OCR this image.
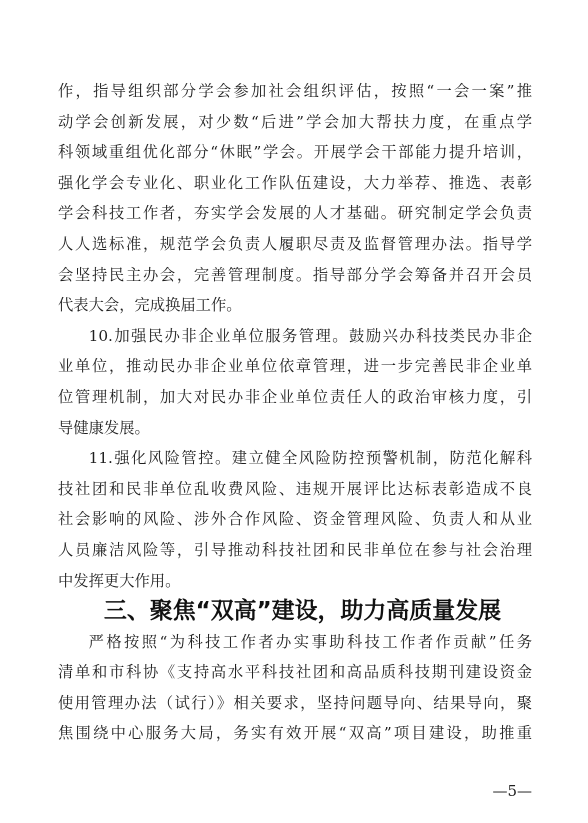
作，指导组织部分学会参加社会组织评估，按照“一会一案”推

动学会创新发展，对少数“后进”学会加大帮扶力度，在重点学

科领域重组优化部分“休眠”学会。开展学会干部能力提升培训，

强化学会专业化、职业化工作队伍建设，大力举荐、推选、表彰

学会科技工作者，夯实学会发展的人才基础。研究制定学会负责

人人选标准，规范学会负责人履职尽责及监督管理办法。指导学

会坚持民主办会，完善管理制度。指导部分学会筹备并召开会员

代表大会，完成换届工作。

10.加强民办非企业单位服务管理。鼓励兴办科技类民办非企

业单位，推动民办非企业单位依章管理，进一步完善民非企业单

位管理机制，加大对民办非企业单位责任人的政治审核力度，引

导健康发展。

11.强化风险管控。建立健全风险防控预警机制，防范化解科

技社团和民非单位乱收费风险、违规开展评比达标表彰造成不良

社会影响的风险、涉外合作风险、资金管理风险、负责人和从业

人员廉洁风险等，引导推动科技社团和民非单位在参与社会治理

中发挥更大作用。

三、聚焦“双高”建设，助力高质量发展

严格按照“为科技工作者办实事助科技工作者作贡献”任务

清单和市科协《支持高水平科技社团和高品质科技期刊建设资金

使用管理办法（试行）》相关要求，坚持问题导向、结果导向，聚

焦围绕中心服务大局，务实有效开展“双高”项目建设，助推重

—5—
